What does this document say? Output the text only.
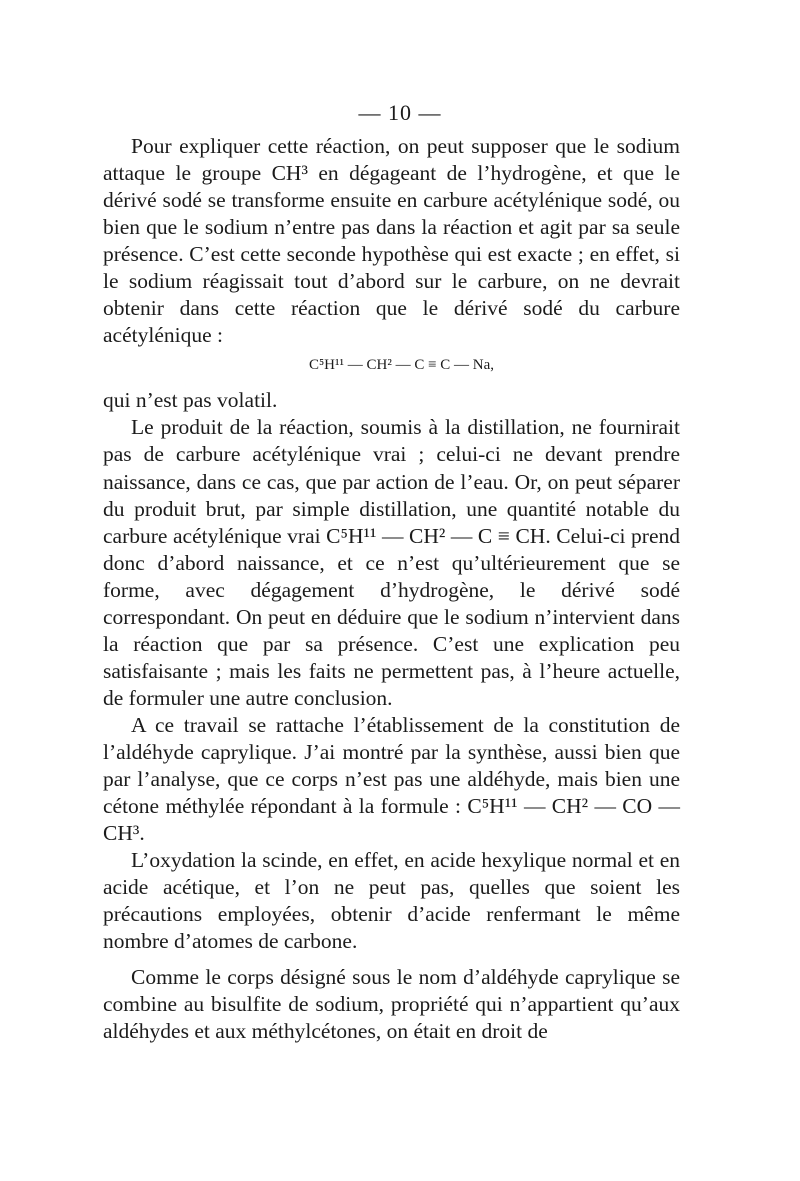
— 10 —

Pour expliquer cette réaction, on peut supposer que le sodium attaque le groupe CH³ en dégageant de l’hydrogène, et que le dérivé sodé se transforme ensuite en carbure acétylénique sodé, ou bien que le sodium n’entre pas dans la réaction et agit par sa seule présence. C’est cette seconde hypothèse qui est exacte ; en effet, si le sodium réagissait tout d’abord sur le carbure, on ne devrait obtenir dans cette réaction que le dérivé sodé du carbure acétylénique :

C⁵H¹¹ — CH² — C ≡ C — Na,

qui n’est pas volatil.

Le produit de la réaction, soumis à la distillation, ne fournirait pas de carbure acétylénique vrai ; celui-ci ne devant prendre naissance, dans ce cas, que par action de l’eau. Or, on peut séparer du produit brut, par simple distillation, une quantité notable du carbure acétylénique vrai C⁵H¹¹ — CH² — C ≡ CH. Celui-ci prend donc d’abord naissance, et ce n’est qu’ultérieurement que se forme, avec dégagement d’hydrogène, le dérivé sodé correspondant. On peut en déduire que le sodium n’intervient dans la réaction que par sa présence. C’est une explication peu satisfaisante ; mais les faits ne permettent pas, à l’heure actuelle, de formuler une autre conclusion.

A ce travail se rattache l’établissement de la constitution de l’aldéhyde caprylique. J’ai montré par la synthèse, aussi bien que par l’analyse, que ce corps n’est pas une aldéhyde, mais bien une cétone méthylée répondant à la formule : C⁵H¹¹ — CH² — CO — CH³.

L’oxydation la scinde, en effet, en acide hexylique normal et en acide acétique, et l’on ne peut pas, quelles que soient les précautions employées, obtenir d’acide renfermant le même nombre d’atomes de carbone.

Comme le corps désigné sous le nom d’aldéhyde caprylique se combine au bisulfite de sodium, propriété qui n’appartient qu’aux aldéhydes et aux méthylcétones, on était en droit de
